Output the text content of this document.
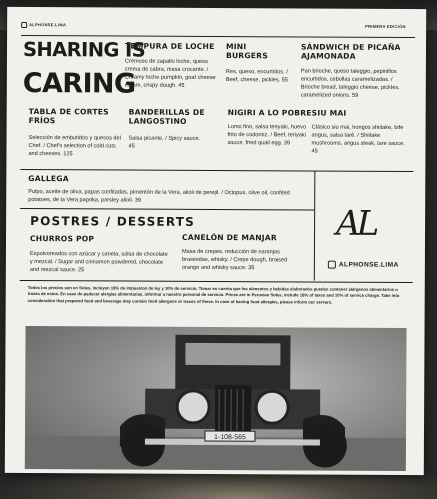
ALPHONSE.LIMA	PRIMERA EDICIÓN
SHARING IS
CARING
TEMPURA DE LOCHE
Cremoso de zapallo loche, queso crema de cabra, masa crocante. / Creamy loche pumpkin, goat cheese cream, crispy dough. 45
MINI BURGERS
Res, queso, encurtidos. / Beef, cheese, pickles. 55
SÁNDWICH DE PICAÑA AJAMONADA
Pan brioche, queso taleggio, pepinillos encurtidos, cebollas caramelizadas. / Brioche bread, taleggio cheese, pickles, caramelized onions. 59
TABLA DE CORTES FRÍOS
Selección de embutidos y quesos del Chef. / Chef's selection of cold cuts and cheeses. 125
BANDERILLAS DE LANGOSTINO
Salsa picante. / Spicy sauce. 45
NIGIRI A LO POBRE
Lomo fino, salsa teriyaki, huevo frito de codorniz. / Beef, teriyaki sauce, fried quail egg. 39
SIU MAI
Clásico siu mai, hongos shiitake, bife angus, salsa tarê. / Shiitake mushrooms, angus steak, tare sauce. 45
GALLEGA
Pulpo, aceite de oliva, papas confitadas, pimentón de la Vera, alioli de perejil. / Octopus, olive oil, confited potatoes, de la Vera paprika, parsley alioli. 39
POSTRES / DESSERTS
CHURROS POP
Espolvoreados con azúcar y canela, salsa de chocolate y mezcal. / Sugar and cinnamon powdered, chocolate and mezcal sauce. 25
CANELÓN DE MANJAR
Masa de crepes, reducción de naranjas brasesdas, whisky. / Crepe dough, braised orange and whisky sauce. 35
AL
ALPHONSE.LIMA
Todos los precios son en Soles, incluyen 18% de impuestos de ley y 10% de servicio. Tomar en cuenta que los alimentos y bebidas elaborados pueden contener alérgenos alimentarios o trazas de estos. En caso de padecer alergias alimentarias, informar a nuestro personal de servicio. Prices are in Peruvian Soles, include 18% of taxes and 10% of service charge. Take into consideration that prepared food and beverage may contain food allergens or traces of these. In case of having food allergies, please inform our servers.
1-108-565
